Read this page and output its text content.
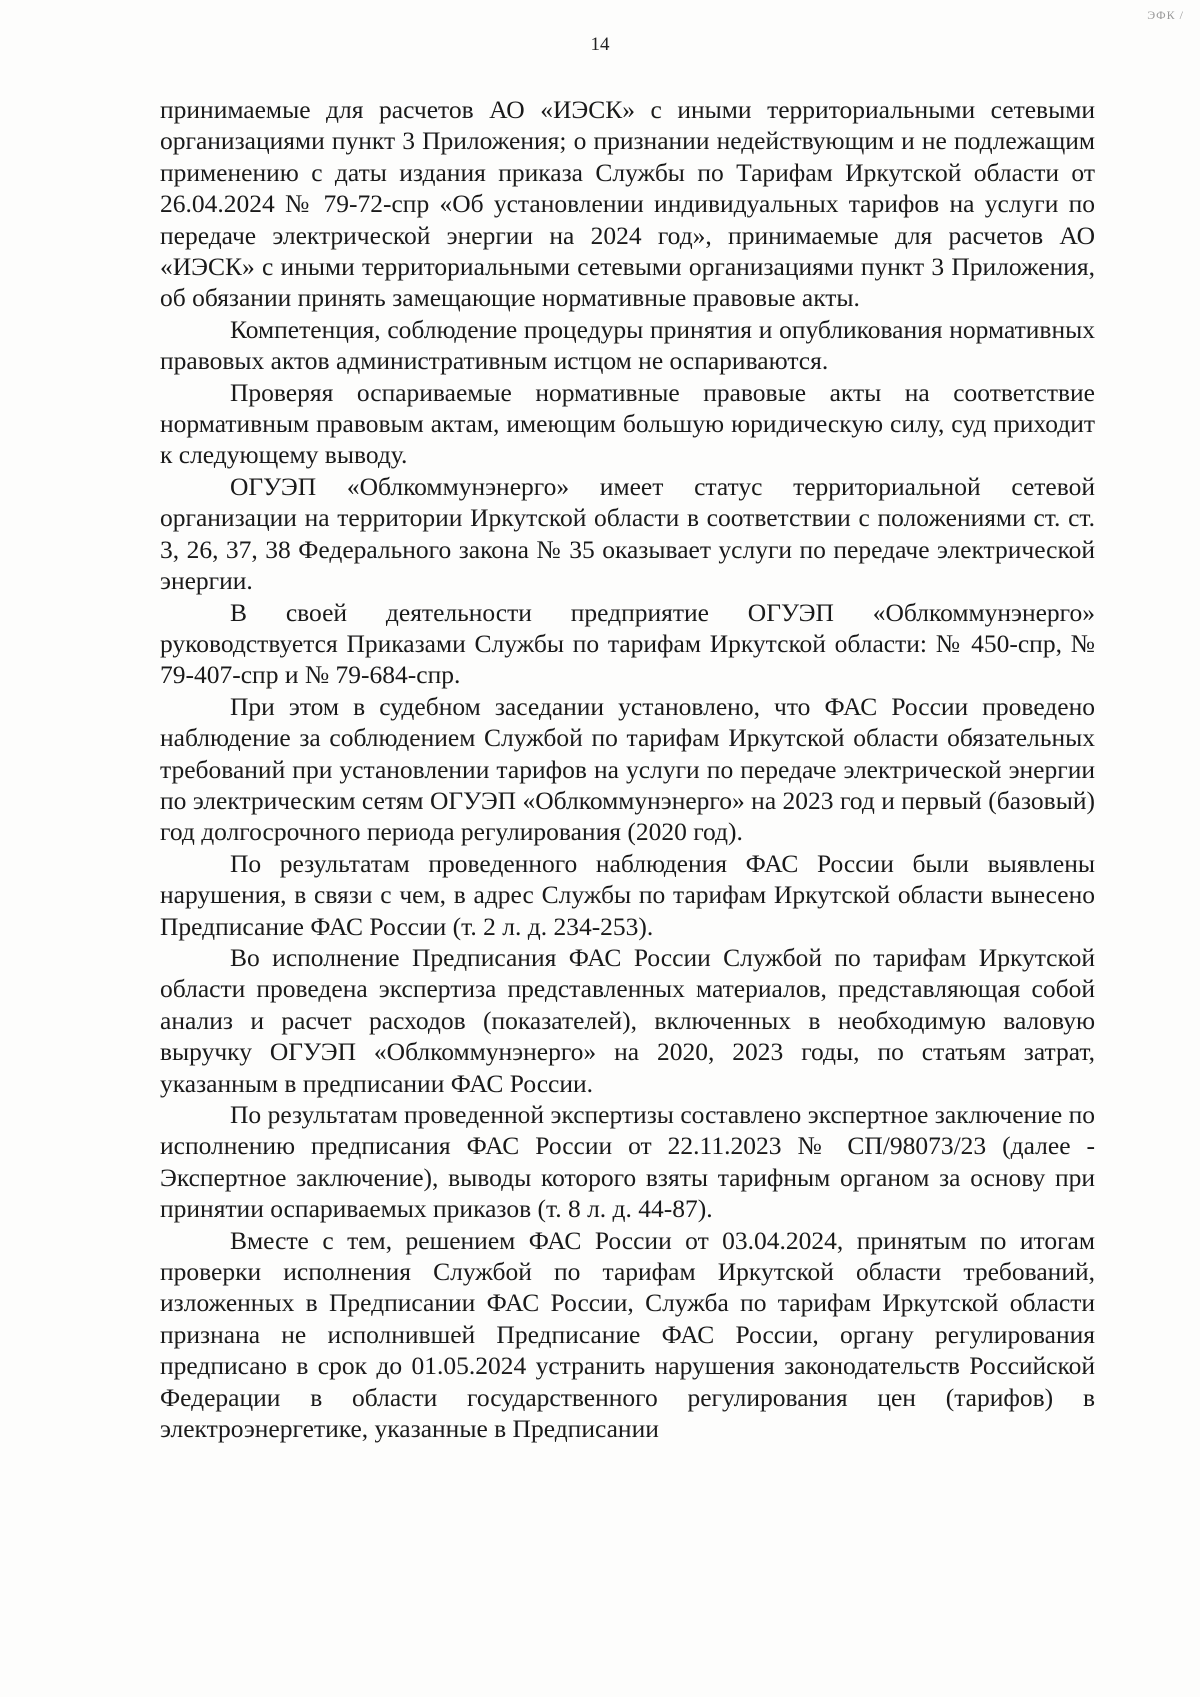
ЭФК /
14

принимаемые для расчетов АО «ИЭСК» с иными территориальными сетевыми организациями пункт 3 Приложения; о признании недействующим и не подлежащим применению с даты издания приказа Службы по Тарифам Иркутской области от 26.04.2024 № 79-72-спр «Об установлении индивидуальных тарифов на услуги по передаче электрической энергии на 2024 год», принимаемые для расчетов АО «ИЭСК» с иными территориальными сетевыми организациями пункт 3 Приложения, об обязании принять замещающие нормативные правовые акты.

Компетенция, соблюдение процедуры принятия и опубликования нормативных правовых актов административным истцом не оспариваются.

Проверяя оспариваемые нормативные правовые акты на соответствие нормативным правовым актам, имеющим большую юридическую силу, суд приходит к следующему выводу.

ОГУЭП «Облкоммунэнерго» имеет статус территориальной сетевой организации на территории Иркутской области в соответствии с положениями ст. ст. 3, 26, 37, 38 Федерального закона № 35 оказывает услуги по передаче электрической энергии.

В своей деятельности предприятие ОГУЭП «Облкоммунэнерго» руководствуется Приказами Службы по тарифам Иркутской области: № 450-спр, № 79-407-спр и № 79-684-спр.

При этом в судебном заседании установлено, что ФАС России проведено наблюдение за соблюдением Службой по тарифам Иркутской области обязательных требований при установлении тарифов на услуги по передаче электрической энергии по электрическим сетям ОГУЭП «Облкоммунэнерго» на 2023 год и первый (базовый) год долгосрочного периода регулирования (2020 год).

По результатам проведенного наблюдения ФАС России были выявлены нарушения, в связи с чем, в адрес Службы по тарифам Иркутской области вынесено Предписание ФАС России (т. 2 л. д. 234-253).

Во исполнение Предписания ФАС России Службой по тарифам Иркутской области проведена экспертиза представленных материалов, представляющая собой анализ и расчет расходов (показателей), включенных в необходимую валовую выручку ОГУЭП «Облкоммунэнерго» на 2020, 2023 годы, по статьям затрат, указанным в предписании ФАС России.

По результатам проведенной экспертизы составлено экспертное заключение по исполнению предписания ФАС России от 22.11.2023 № СП/98073/23 (далее - Экспертное заключение), выводы которого взяты тарифным органом за основу при принятии оспариваемых приказов (т. 8 л. д. 44-87).

Вместе с тем, решением ФАС России от 03.04.2024, принятым по итогам проверки исполнения Службой по тарифам Иркутской области требований, изложенных в Предписании ФАС России, Служба по тарифам Иркутской области признана не исполнившей Предписание ФАС России, органу регулирования предписано в срок до 01.05.2024 устранить нарушения законодательств Российской Федерации в области государственного регулирования цен (тарифов) в электроэнергетике, указанные в Предписании
